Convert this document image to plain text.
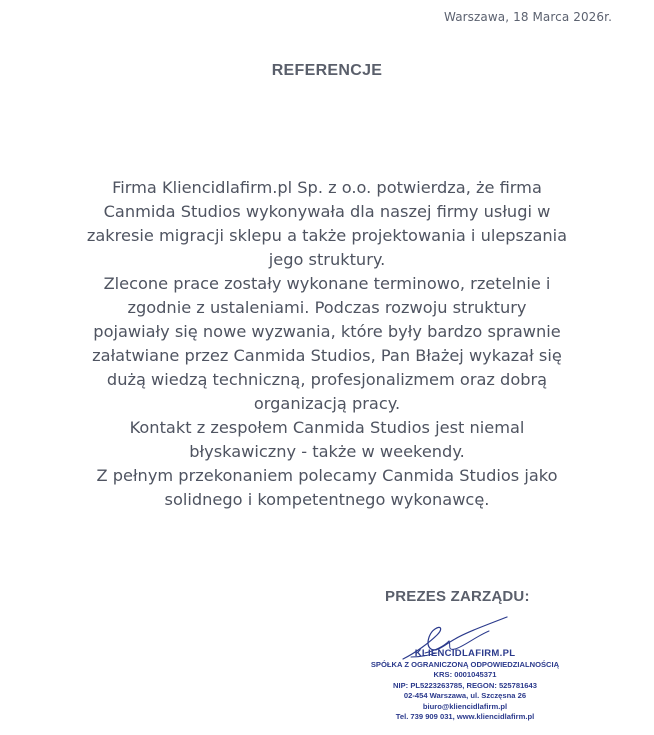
Warszawa, 18 Marca 2026r.
REFERENCJE
Firma Kliencidlafirm.pl Sp. z o.o. potwierdza, że firma
Canmida Studios wykonywała dla naszej firmy usługi w
zakresie migracji sklepu a także projektowania i ulepszania
jego struktury.
Zlecone prace zostały wykonane terminowo, rzetelnie i
zgodnie z ustaleniami. Podczas rozwoju struktury
pojawiały się nowe wyzwania, które były bardzo sprawnie
załatwiane przez Canmida Studios, Pan Błażej wykazał się
dużą wiedzą techniczną, profesjonalizmem oraz dobrą
organizacją pracy.
Kontakt z zespołem Canmida Studios jest niemal
błyskawiczny - także w weekendy.
Z pełnym przekonaniem polecamy Canmida Studios jako
solidnego i kompetentnego wykonawcę.
PREZES ZARZĄDU:
KLIENCIDLAFIRM.PL
SPÓŁKA Z OGRANICZONĄ ODPOWIEDZIALNOŚCIĄ
KRS: 0001045371
NIP: PL5223263785, REGON: 525781643
02-454 Warszawa, ul. Szczęsna 26
biuro@kliencidlafirm.pl
Tel. 739 909 031, www.kliencidlafirm.pl
